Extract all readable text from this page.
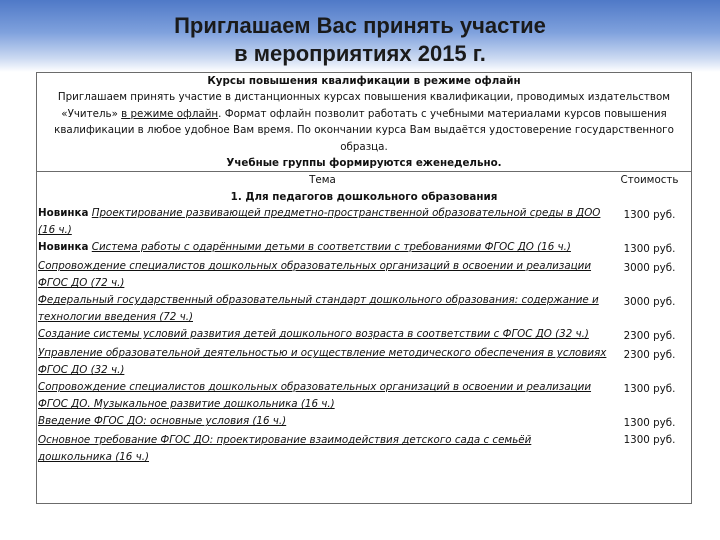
Приглашаем Вас принять участие
в мероприятиях 2015 г.
Курсы повышения квалификации в режиме офлайн
Приглашаем принять участие в дистанционных курсах повышения квалификации, проводимых издательством «Учитель» в режиме офлайн. Формат офлайн позволит работать с учебными материалами курсов повышения квалификации в любое удобное Вам время. По окончании курса Вам выдаётся удостоверение государственного образца.
Учебные группы формируются еженедельно.
Тема	Стоимость
1. Для педагогов дошкольного образования	
Новинка Проектирование развивающей предметно-пространственной образовательной среды в ДОО (16 ч.)	1300 руб.
Новинка Система работы с одарёнными детьми в соответствии с требованиями ФГОС ДО (16 ч.)	1300 руб.
Сопровождение специалистов дошкольных образовательных организаций в освоении и реализации ФГОС ДО (72 ч.)	3000 руб.
Федеральный государственный образовательный стандарт дошкольного образования: содержание и технологии введения (72 ч.)	3000 руб.
Создание системы условий развития детей дошкольного возраста в соответствии с ФГОС ДО (32 ч.)	2300 руб.
Управление образовательной деятельностью и осуществление методического обеспечения в условиях ФГОС ДО (32 ч.)	2300 руб.
Сопровождение специалистов дошкольных образовательных организаций в освоении и реализации ФГОС ДО. Музыкальное развитие дошкольника (16 ч.)	1300 руб.
Введение ФГОС ДО: основные условия (16 ч.)	1300 руб.
Основное требование ФГОС ДО: проектирование взаимодействия детского сада с семьёй дошкольника (16 ч.)	1300 руб.
